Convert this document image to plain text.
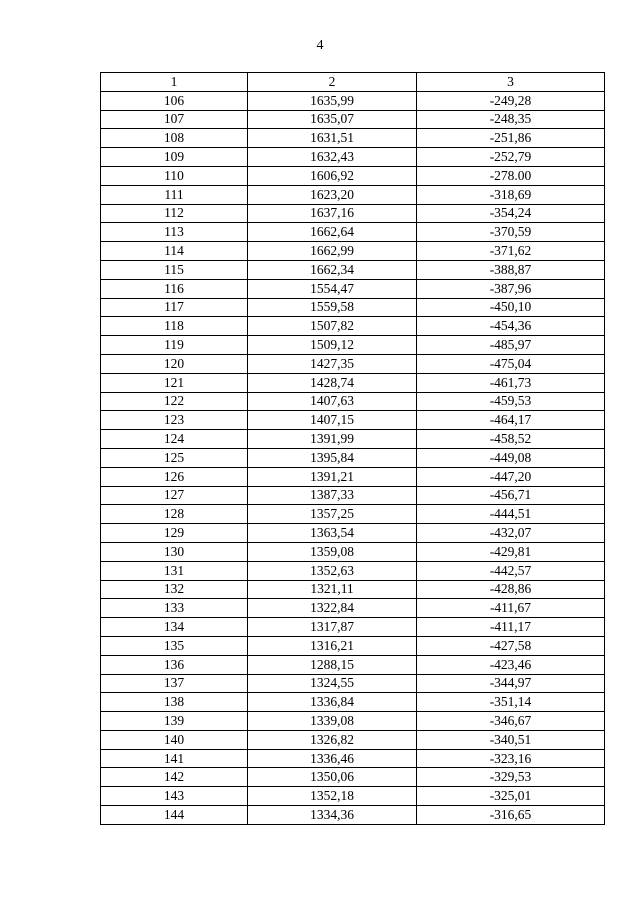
4
1	2	3
106	1635,99	-249,28
107	1635,07	-248,35
108	1631,51	-251,86
109	1632,43	-252,79
110	1606,92	-278.00
111	1623,20	-318,69
112	1637,16	-354,24
113	1662,64	-370,59
114	1662,99	-371,62
115	1662,34	-388,87
116	1554,47	-387,96
117	1559,58	-450,10
118	1507,82	-454,36
119	1509,12	-485,97
120	1427,35	-475,04
121	1428,74	-461,73
122	1407,63	-459,53
123	1407,15	-464,17
124	1391,99	-458,52
125	1395,84	-449,08
126	1391,21	-447,20
127	1387,33	-456,71
128	1357,25	-444,51
129	1363,54	-432,07
130	1359,08	-429,81
131	1352,63	-442,57
132	1321,11	-428,86
133	1322,84	-411,67
134	1317,87	-411,17
135	1316,21	-427,58
136	1288,15	-423,46
137	1324,55	-344,97
138	1336,84	-351,14
139	1339,08	-346,67
140	1326,82	-340,51
141	1336,46	-323,16
142	1350,06	-329,53
143	1352,18	-325,01
144	1334,36	-316,65
